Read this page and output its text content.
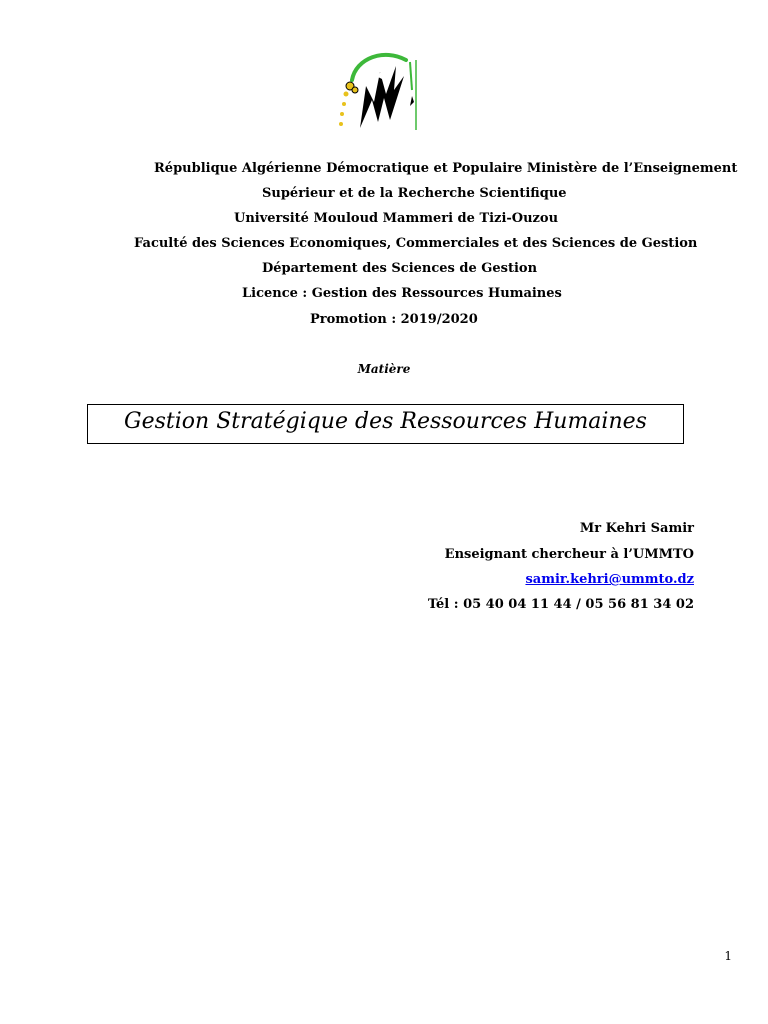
République Algérienne Démocratique et Populaire Ministère de l’Enseignement
Supérieur et de la Recherche Scientifique
Université Mouloud Mammeri de Tizi-Ouzou
Faculté des Sciences Economiques, Commerciales et des Sciences de Gestion
Département des Sciences de Gestion
Licence : Gestion des Ressources Humaines
Promotion : 2019/2020
Matière
Gestion Stratégique des Ressources Humaines
Mr Kehri Samir
Enseignant chercheur à l’UMMTO
samir.kehri@ummto.dz
Tél : 05 40 04 11 44 / 05 56 81 34 02
1
